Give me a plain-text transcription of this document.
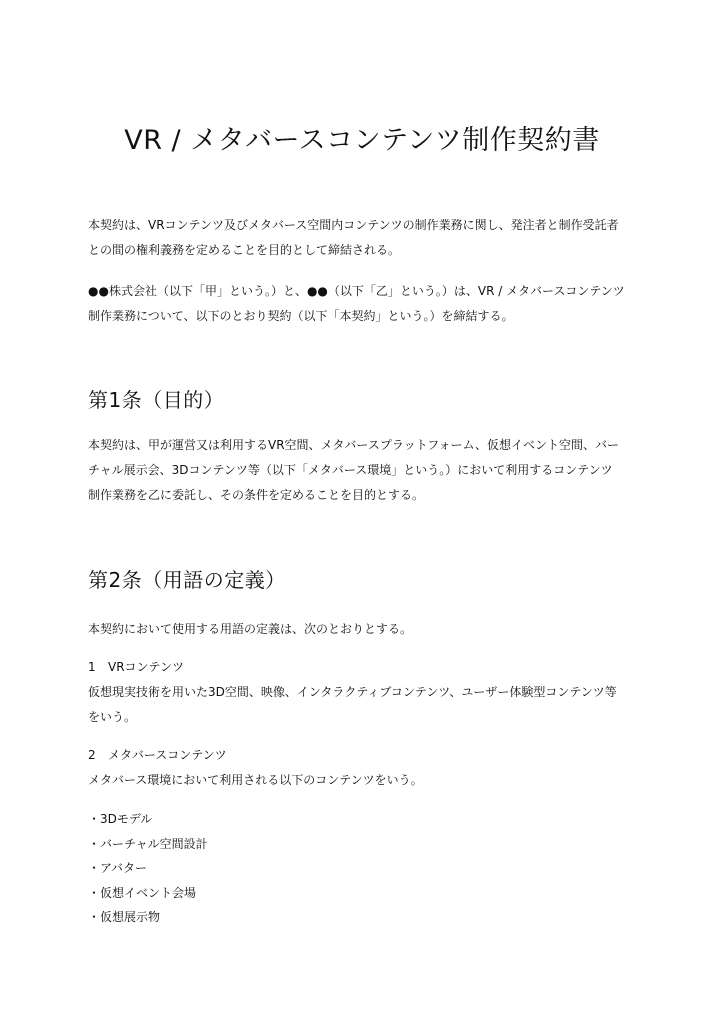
VR / メタバースコンテンツ制作契約書

本契約は、VRコンテンツ及びメタバース空間内コンテンツの制作業務に関し、発注者と制作受託者
との間の権利義務を定めることを目的として締結される。

●●株式会社（以下「甲」という。）と、●●（以下「乙」という。）は、VR / メタバースコンテンツ
制作業務について、以下のとおり契約（以下「本契約」という。）を締結する。

第1条（目的）

本契約は、甲が運営又は利用するVR空間、メタバースプラットフォーム、仮想イベント空間、バー
チャル展示会、3Dコンテンツ等（以下「メタバース環境」という。）において利用するコンテンツ
制作業務を乙に委託し、その条件を定めることを目的とする。

第2条（用語の定義）

本契約において使用する用語の定義は、次のとおりとする。

1 VRコンテンツ

仮想現実技術を用いた3D空間、映像、インタラクティブコンテンツ、ユーザー体験型コンテンツ等
をいう。

2 メタバースコンテンツ

メタバース環境において利用される以下のコンテンツをいう。

・3Dモデル
・バーチャル空間設計
・アバター
・仮想イベント会場
・仮想展示物
